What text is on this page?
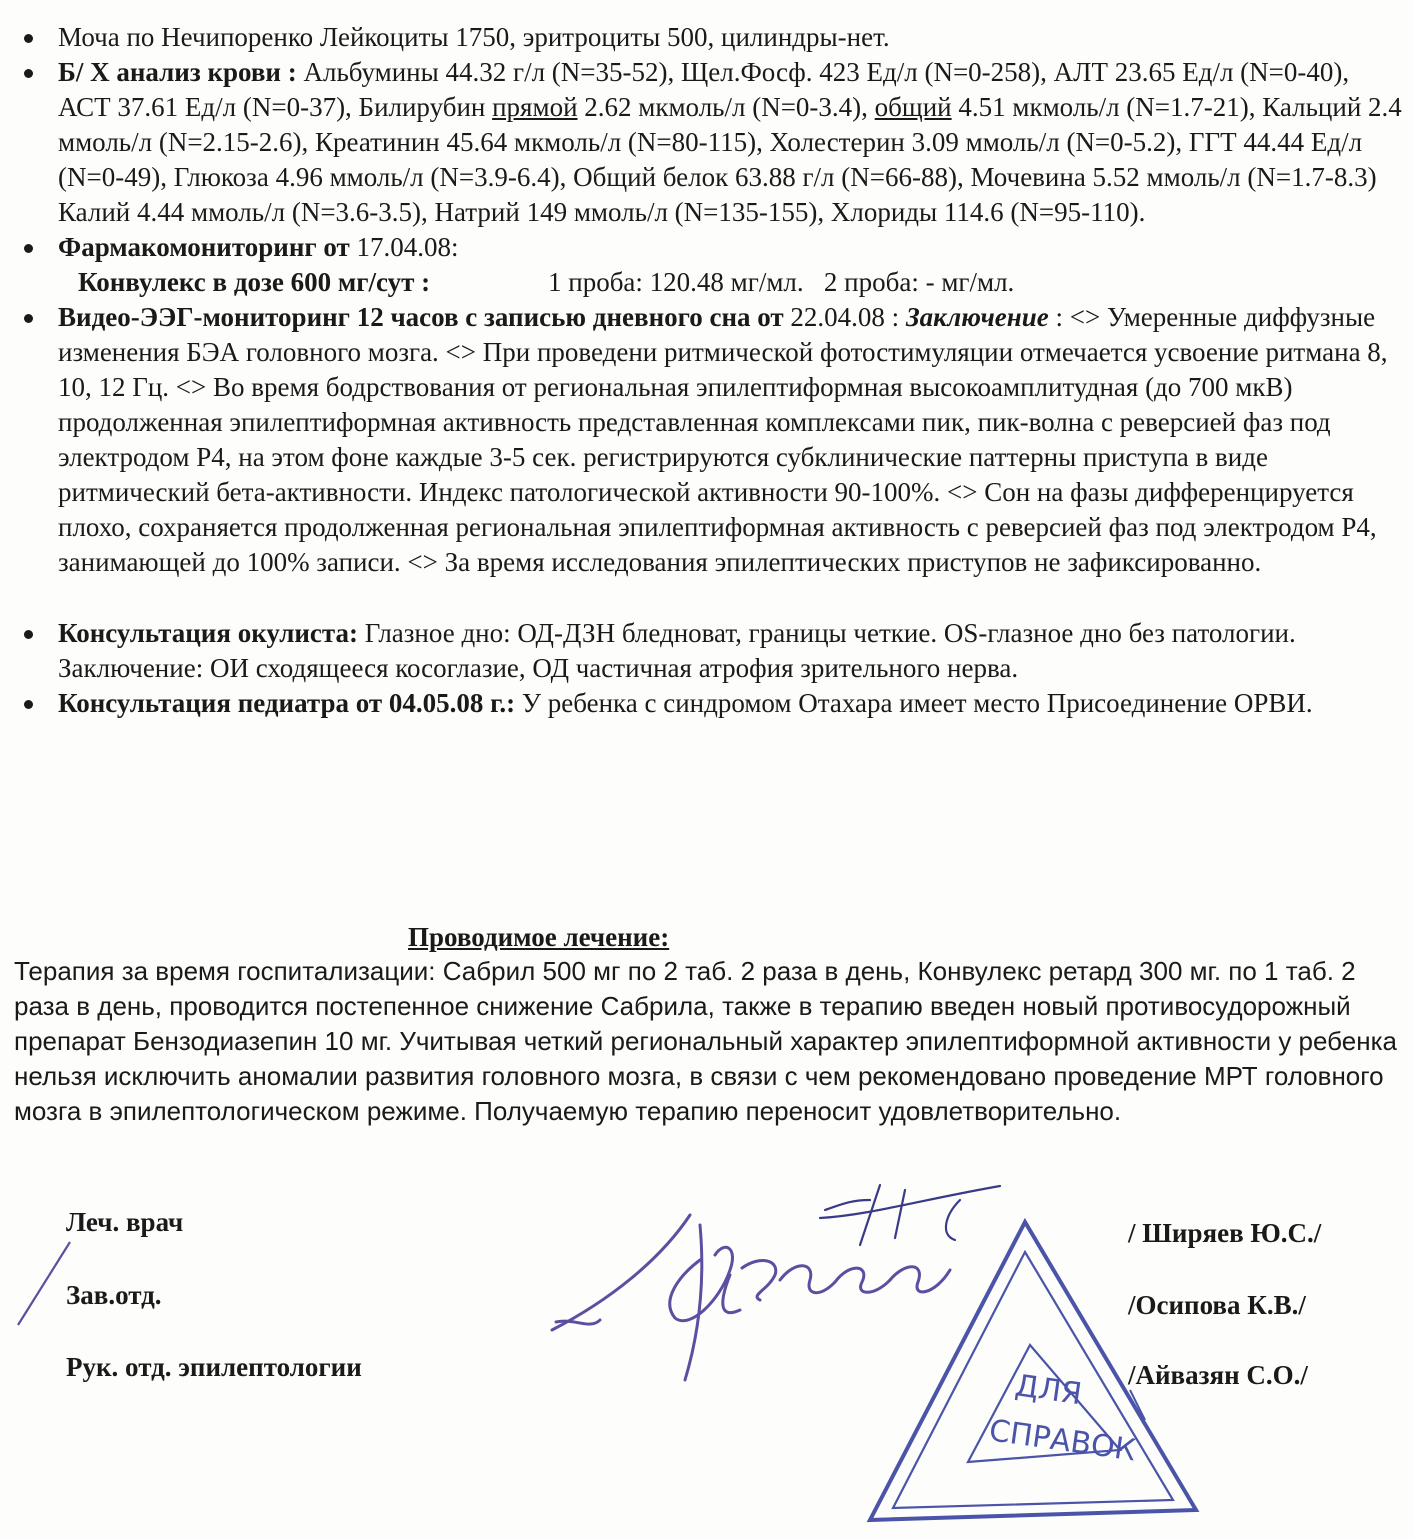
Моча по Нечипоренко Лейкоциты 1750, эритроциты 500, цилиндры-нет.

Б/ Х анализ крови : Альбумины 44.32 г/л (N=35-52), Щел.Фосф. 423 Ед/л (N=0-258), АЛТ 23.65 Ед/л (N=0-40), АСТ 37.61 Ед/л (N=0-37), Билирубин прямой 2.62 мкмоль/л (N=0-3.4), общий 4.51 мкмоль/л (N=1.7-21), Кальций 2.4 ммоль/л (N=2.15-2.6), Креатинин 45.64 мкмоль/л (N=80-115), Холестерин 3.09 ммоль/л (N=0-5.2), ГГТ 44.44 Ед/л (N=0-49), Глюкоза 4.96 ммоль/л (N=3.9-6.4), Общий белок 63.88 г/л (N=66-88), Мочевина 5.52 ммоль/л (N=1.7-8.3) Калий 4.44 ммоль/л (N=3.6-3.5), Натрий 149 ммоль/л (N=135-155), Хлориды 114.6 (N=95-110).

Фармакомониторинг от 17.04.08:

Конвулекс в дозе 600 мг/сут :	1 проба: 120.48 мг/мл. 2 проба: - мг/мл.

Видео-ЭЭГ-мониторинг 12 часов с записью дневного сна от 22.04.08 : Заключение : <> Умеренные диффузные изменения БЭА головного мозга. <> При проведени ритмической фотостимуляции отмечается усвоение ритмана 8, 10, 12 Гц. <> Во время бодрствования от региональная эпилептиформная высокоамплитудная (до 700 мкВ) продолженная эпилептиформная активность представленная комплексами пик, пик-волна с реверсией фаз под электродом Р4, на этом фоне каждые 3-5 сек. регистрируются субклинические паттерны приступа в виде ритмический бета-активности. Индекс патологической активности 90-100%. <> Сон на фазы дифференцируется плохо, сохраняется продолженная региональная эпилептиформная активность с реверсией фаз под электродом Р4, занимающей до 100% записи. <> За время исследования эпилептических приступов не зафиксированно.

Консультация окулиста: Глазное дно: ОД-ДЗН бледноват, границы четкие. OS-глазное дно без патологии. Заключение: ОИ сходящееся косоглазие, ОД частичная атрофия зрительного нерва.

Консультация педиатра от 04.05.08 г.: У ребенка с синдромом Отахара имеет место Присоединение ОРВИ.

Проводимое лечение:
Терапия за время госпитализации: Сабрил 500 мг по 2 таб. 2 раза в день, Конвулекс ретард 300 мг. по 1 таб. 2 раза в день, проводится постепенное снижение Сабрила, также в терапию введен новый противосудорожный препарат Бензодиазепин 10 мг. Учитывая четкий региональный характер эпилептиформной активности у ребенка нельзя исключить аномалии развития головного мозга, в связи с чем рекомендовано проведение МРТ головного мозга в эпилептологическом режиме. Получаемую терапию переносит удовлетворительно.
Леч. врач
Зав.отд.
Рук. отд. эпилептологии
/ Ширяев Ю.С./
/Осипова К.В./
/Айвазян С.О./
ДЛЯ
СПРАВОК
